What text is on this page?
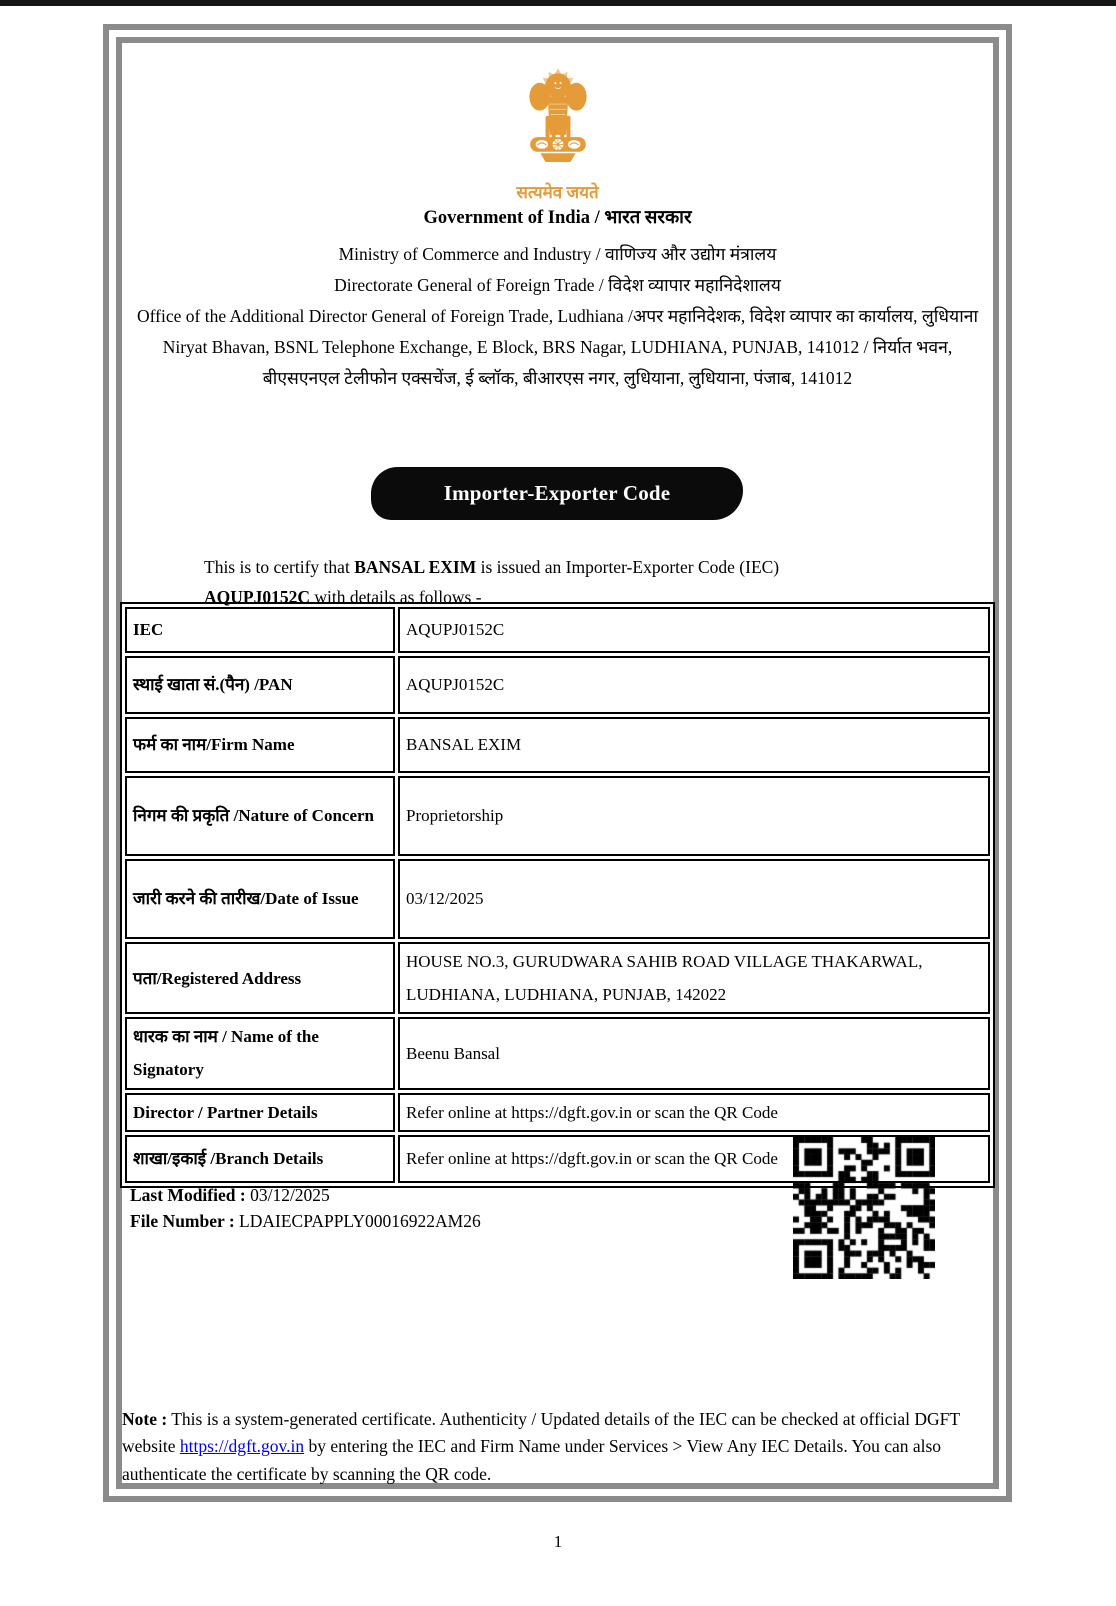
सत्यमेव जयते

Government of India / भारत सरकार

Ministry of Commerce and Industry / वाणिज्य और उद्योग मंत्रालय

Directorate General of Foreign Trade / विदेश व्यापार महानिदेशालय

Office of the Additional Director General of Foreign Trade, Ludhiana /अपर महानिदेशक, विदेश व्यापार का कार्यालय, लुधियाना

Niryat Bhavan, BSNL Telephone Exchange, E Block, BRS Nagar, LUDHIANA, PUNJAB, 141012 / निर्यात भवन, बीएसएनएल टेलीफोन एक्सचेंज, ई ब्लॉक, बीआरएस नगर, लुधियाना, लुधियाना, पंजाब, 141012

Importer-Exporter Code

This is to certify that BANSAL EXIM is issued an Importer-Exporter Code (IEC) AQUPJ0152C with details as follows -

IEC	AQUPJ0152C
स्थाई खाता सं.(पैन) /PAN	AQUPJ0152C
फर्म का नाम/Firm Name	BANSAL EXIM
निगम की प्रकृति /Nature of Concern	Proprietorship
जारी करने की तारीख/Date of Issue	03/12/2025
पता/Registered Address	HOUSE NO.3, GURUDWARA SAHIB ROAD VILLAGE THAKARWAL, LUDHIANA, LUDHIANA, PUNJAB, 142022
धारक का नाम / Name of the Signatory	Beenu Bansal
Director / Partner Details	Refer online at https://dgft.gov.in or scan the QR Code
शाखा/इकाई /Branch Details	Refer online at https://dgft.gov.in or scan the QR Code
Last Modified : 03/12/2025
File Number : LDAIECPAPPLY00016922AM26

Note : This is a system-generated certificate. Authenticity / Updated details of the IEC can be checked at official DGFT website https://dgft.gov.in by entering the IEC and Firm Name under Services > View Any IEC Details. You can also authenticate the certificate by scanning the QR code.

1
